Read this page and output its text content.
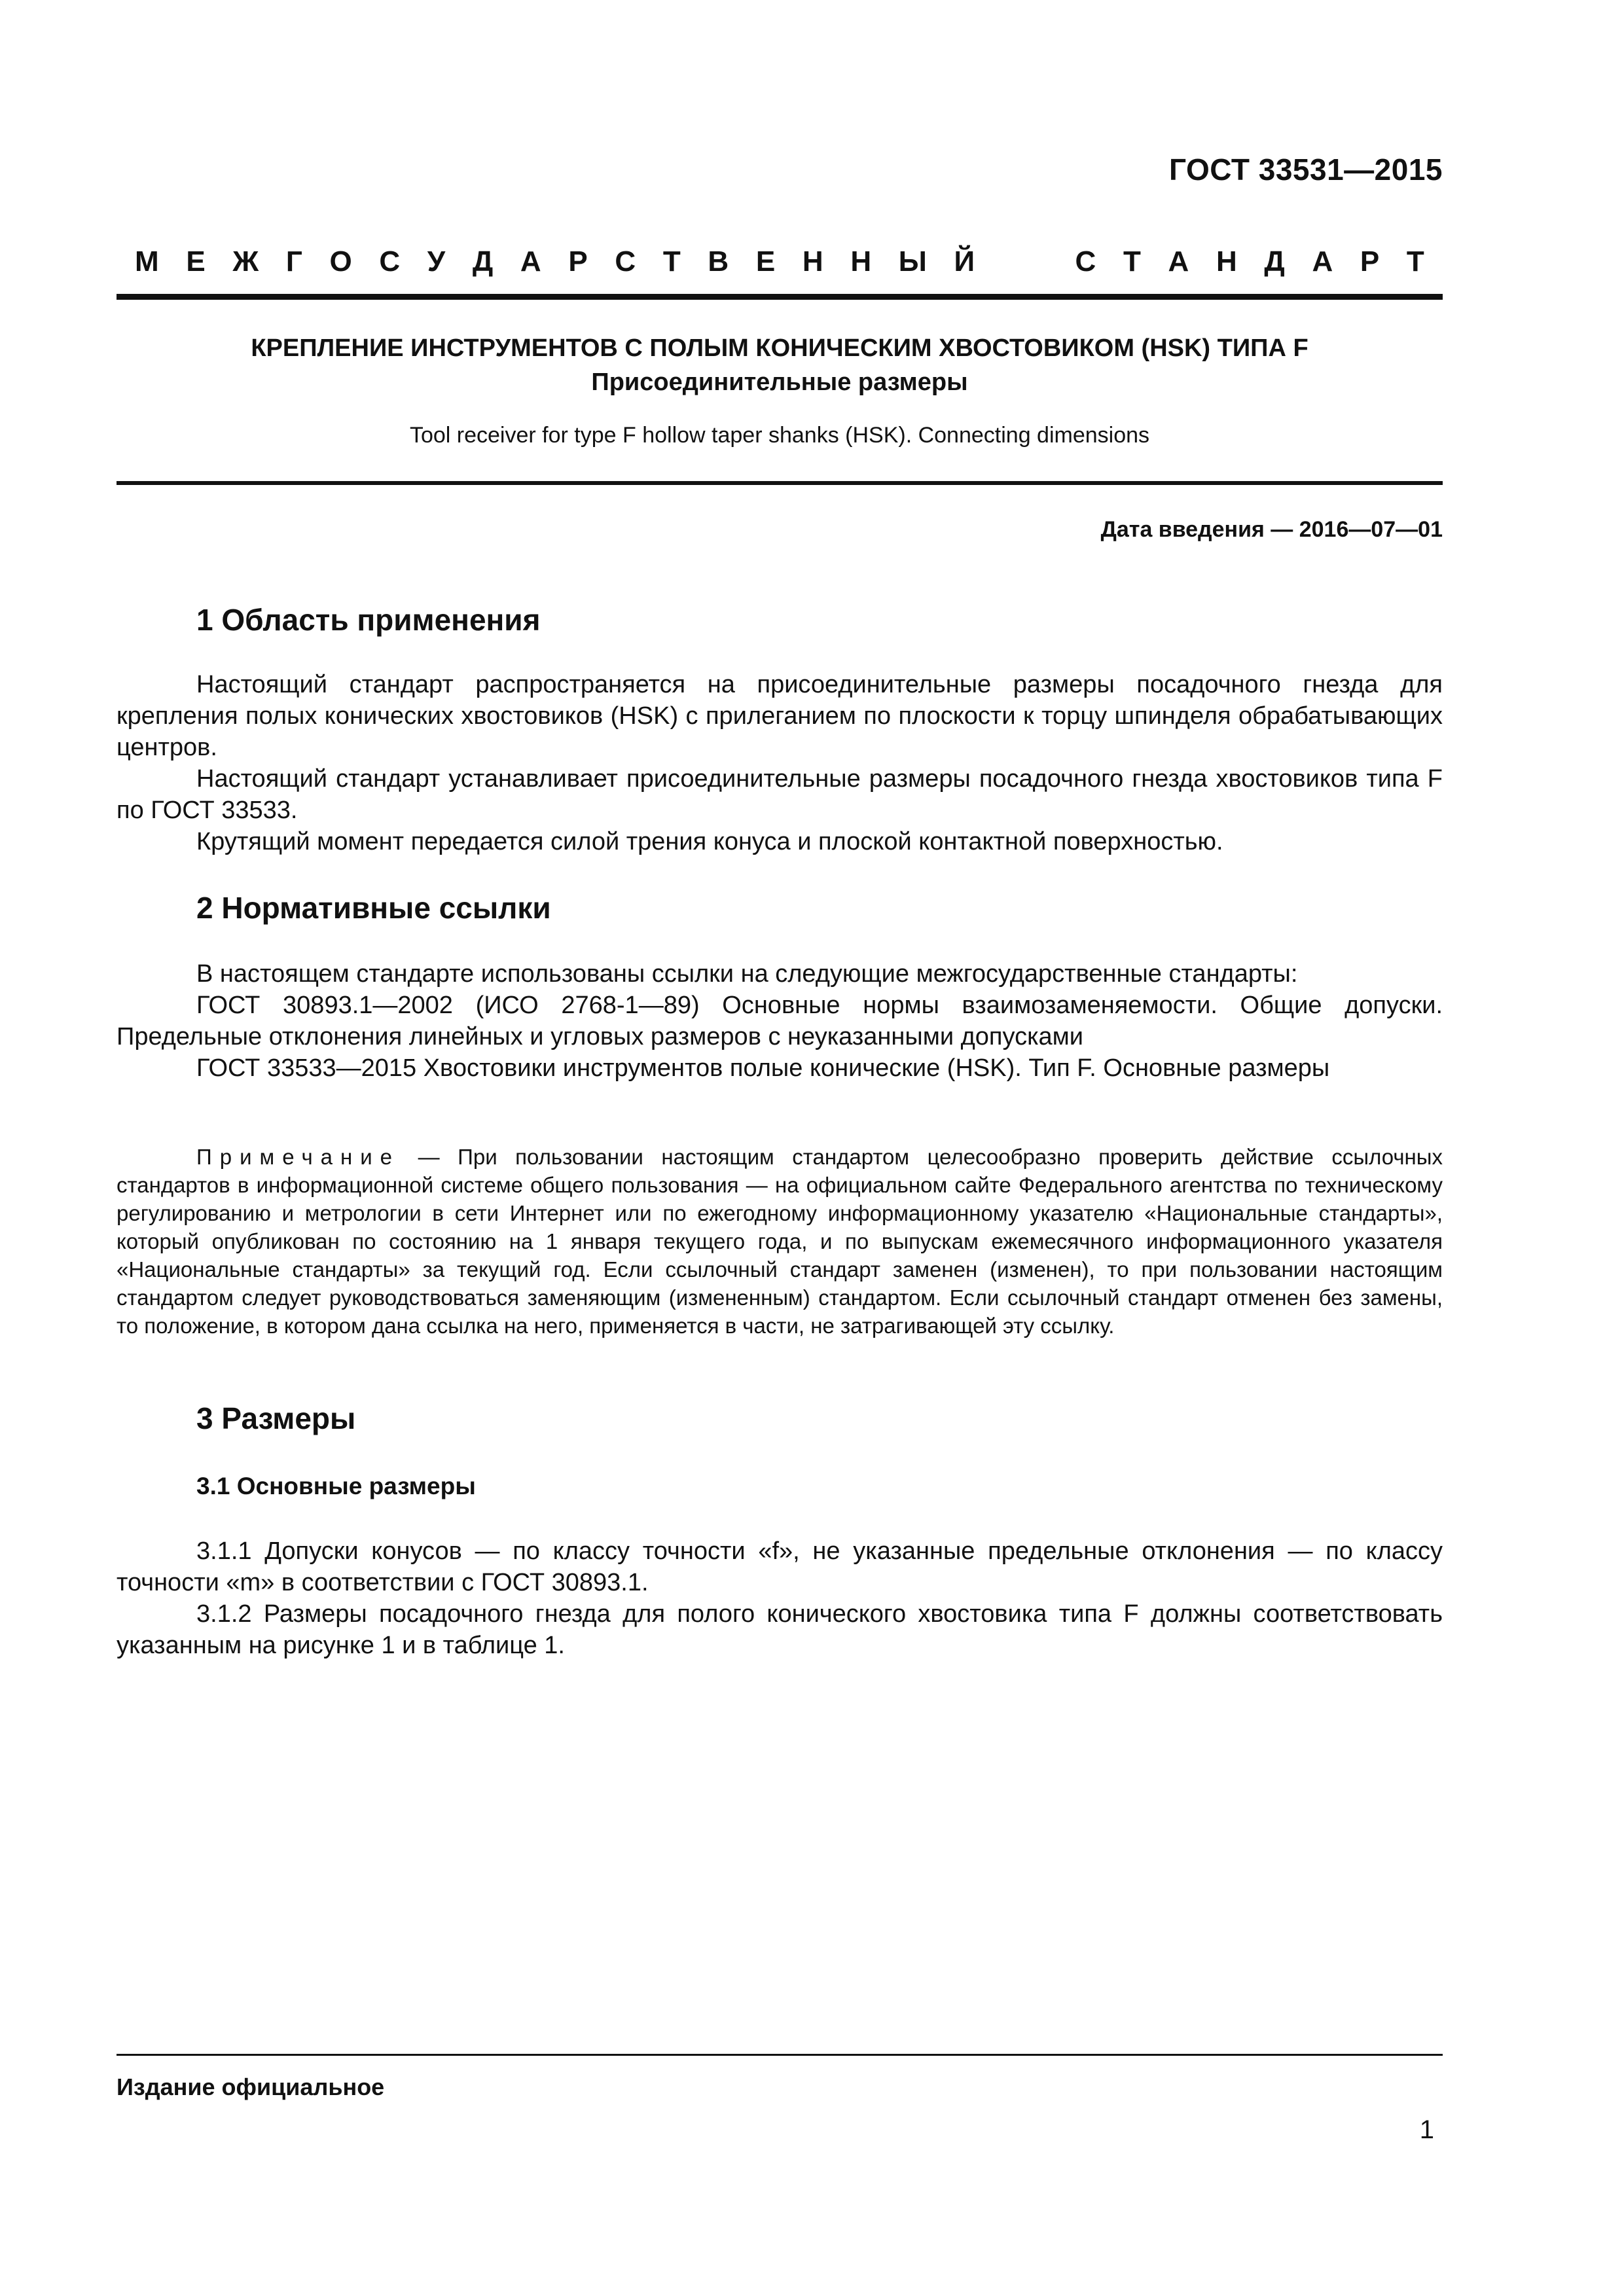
ГОСТ 33531—2015

М Е Ж Г О С У Д А Р С Т В Е Н Н Ы Й	С Т А Н Д А Р Т
КРЕПЛЕНИЕ ИНСТРУМЕНТОВ С ПОЛЫМ КОНИЧЕСКИМ ХВОСТОВИКОМ (HSK) ТИПА F
Присоединительные размеры

Tool receiver for type F hollow taper shanks (HSK). Connecting dimensions

Дата введения — 2016—07—01

1 Область применения

Настоящий стандарт распространяется на присоединительные размеры посадочного гнезда для крепления полых конических хвостовиков (HSK) с прилеганием по плоскости к торцу шпинделя обрабатывающих центров.

Настоящий стандарт устанавливает присоединительные размеры посадочного гнезда хвостовиков типа F по ГОСТ 33533.

Крутящий момент передается силой трения конуса и плоской контактной поверхностью.

2 Нормативные ссылки

В настоящем стандарте использованы ссылки на следующие межгосударственные стандарты:

ГОСТ 30893.1—2002 (ИСО 2768-1—89) Основные нормы взаимозаменяемости. Общие допуски. Предельные отклонения линейных и угловых размеров с неуказанными допусками

ГОСТ 33533—2015 Хвостовики инструментов полые конические (HSK). Тип F. Основные размеры

Примечание — При пользовании настоящим стандартом целесообразно проверить действие ссылочных стандартов в информационной системе общего пользования — на официальном сайте Федерального агентства по техническому регулированию и метрологии в сети Интернет или по ежегодному информационному указателю «Национальные стандарты», который опубликован по состоянию на 1 января текущего года, и по выпускам ежемесячного информационного указателя «Национальные стандарты» за текущий год. Если ссылочный стандарт заменен (изменен), то при пользовании настоящим стандартом следует руководствоваться заменяющим (измененным) стандартом. Если ссылочный стандарт отменен без замены, то положение, в котором дана ссылка на него, применяется в части, не затрагивающей эту ссылку.

3 Размеры
3.1 Основные размеры

3.1.1 Допуски конусов — по классу точности «f», не указанные предельные отклонения — по классу точности «m» в соответствии с ГОСТ 30893.1.

3.1.2 Размеры посадочного гнезда для полого конического хвостовика типа F должны соответствовать указанным на рисунке 1 и в таблице 1.

Издание официальное

1
